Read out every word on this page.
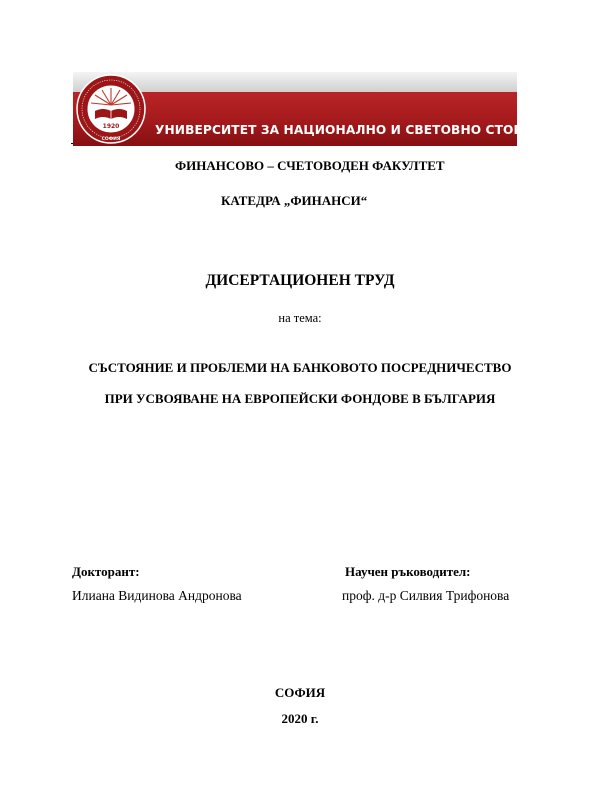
1920
СОФИЯ
УНИВЕРСИТЕТ ЗА НАЦИОНАЛНО И СВЕТОВНО СТОПАНСТВО
ФИНАНСОВО – СЧЕТОВОДЕН ФАКУЛТЕТ
КАТЕДРА „ФИНАНСИ“
ДИСЕРТАЦИОНЕН ТРУД
на тема:
СЪСТОЯНИЕ И ПРОБЛЕМИ НА БАНКОВОТО ПОСРЕДНИЧЕСТВО
ПРИ УСВОЯВАНЕ НА ЕВРОПЕЙСКИ ФОНДОВЕ В БЪЛГАРИЯ
Докторант:
Илиана Видинова Андронова
Научен ръководител:
проф. д-р Силвия Трифонова
СОФИЯ
2020 г.
